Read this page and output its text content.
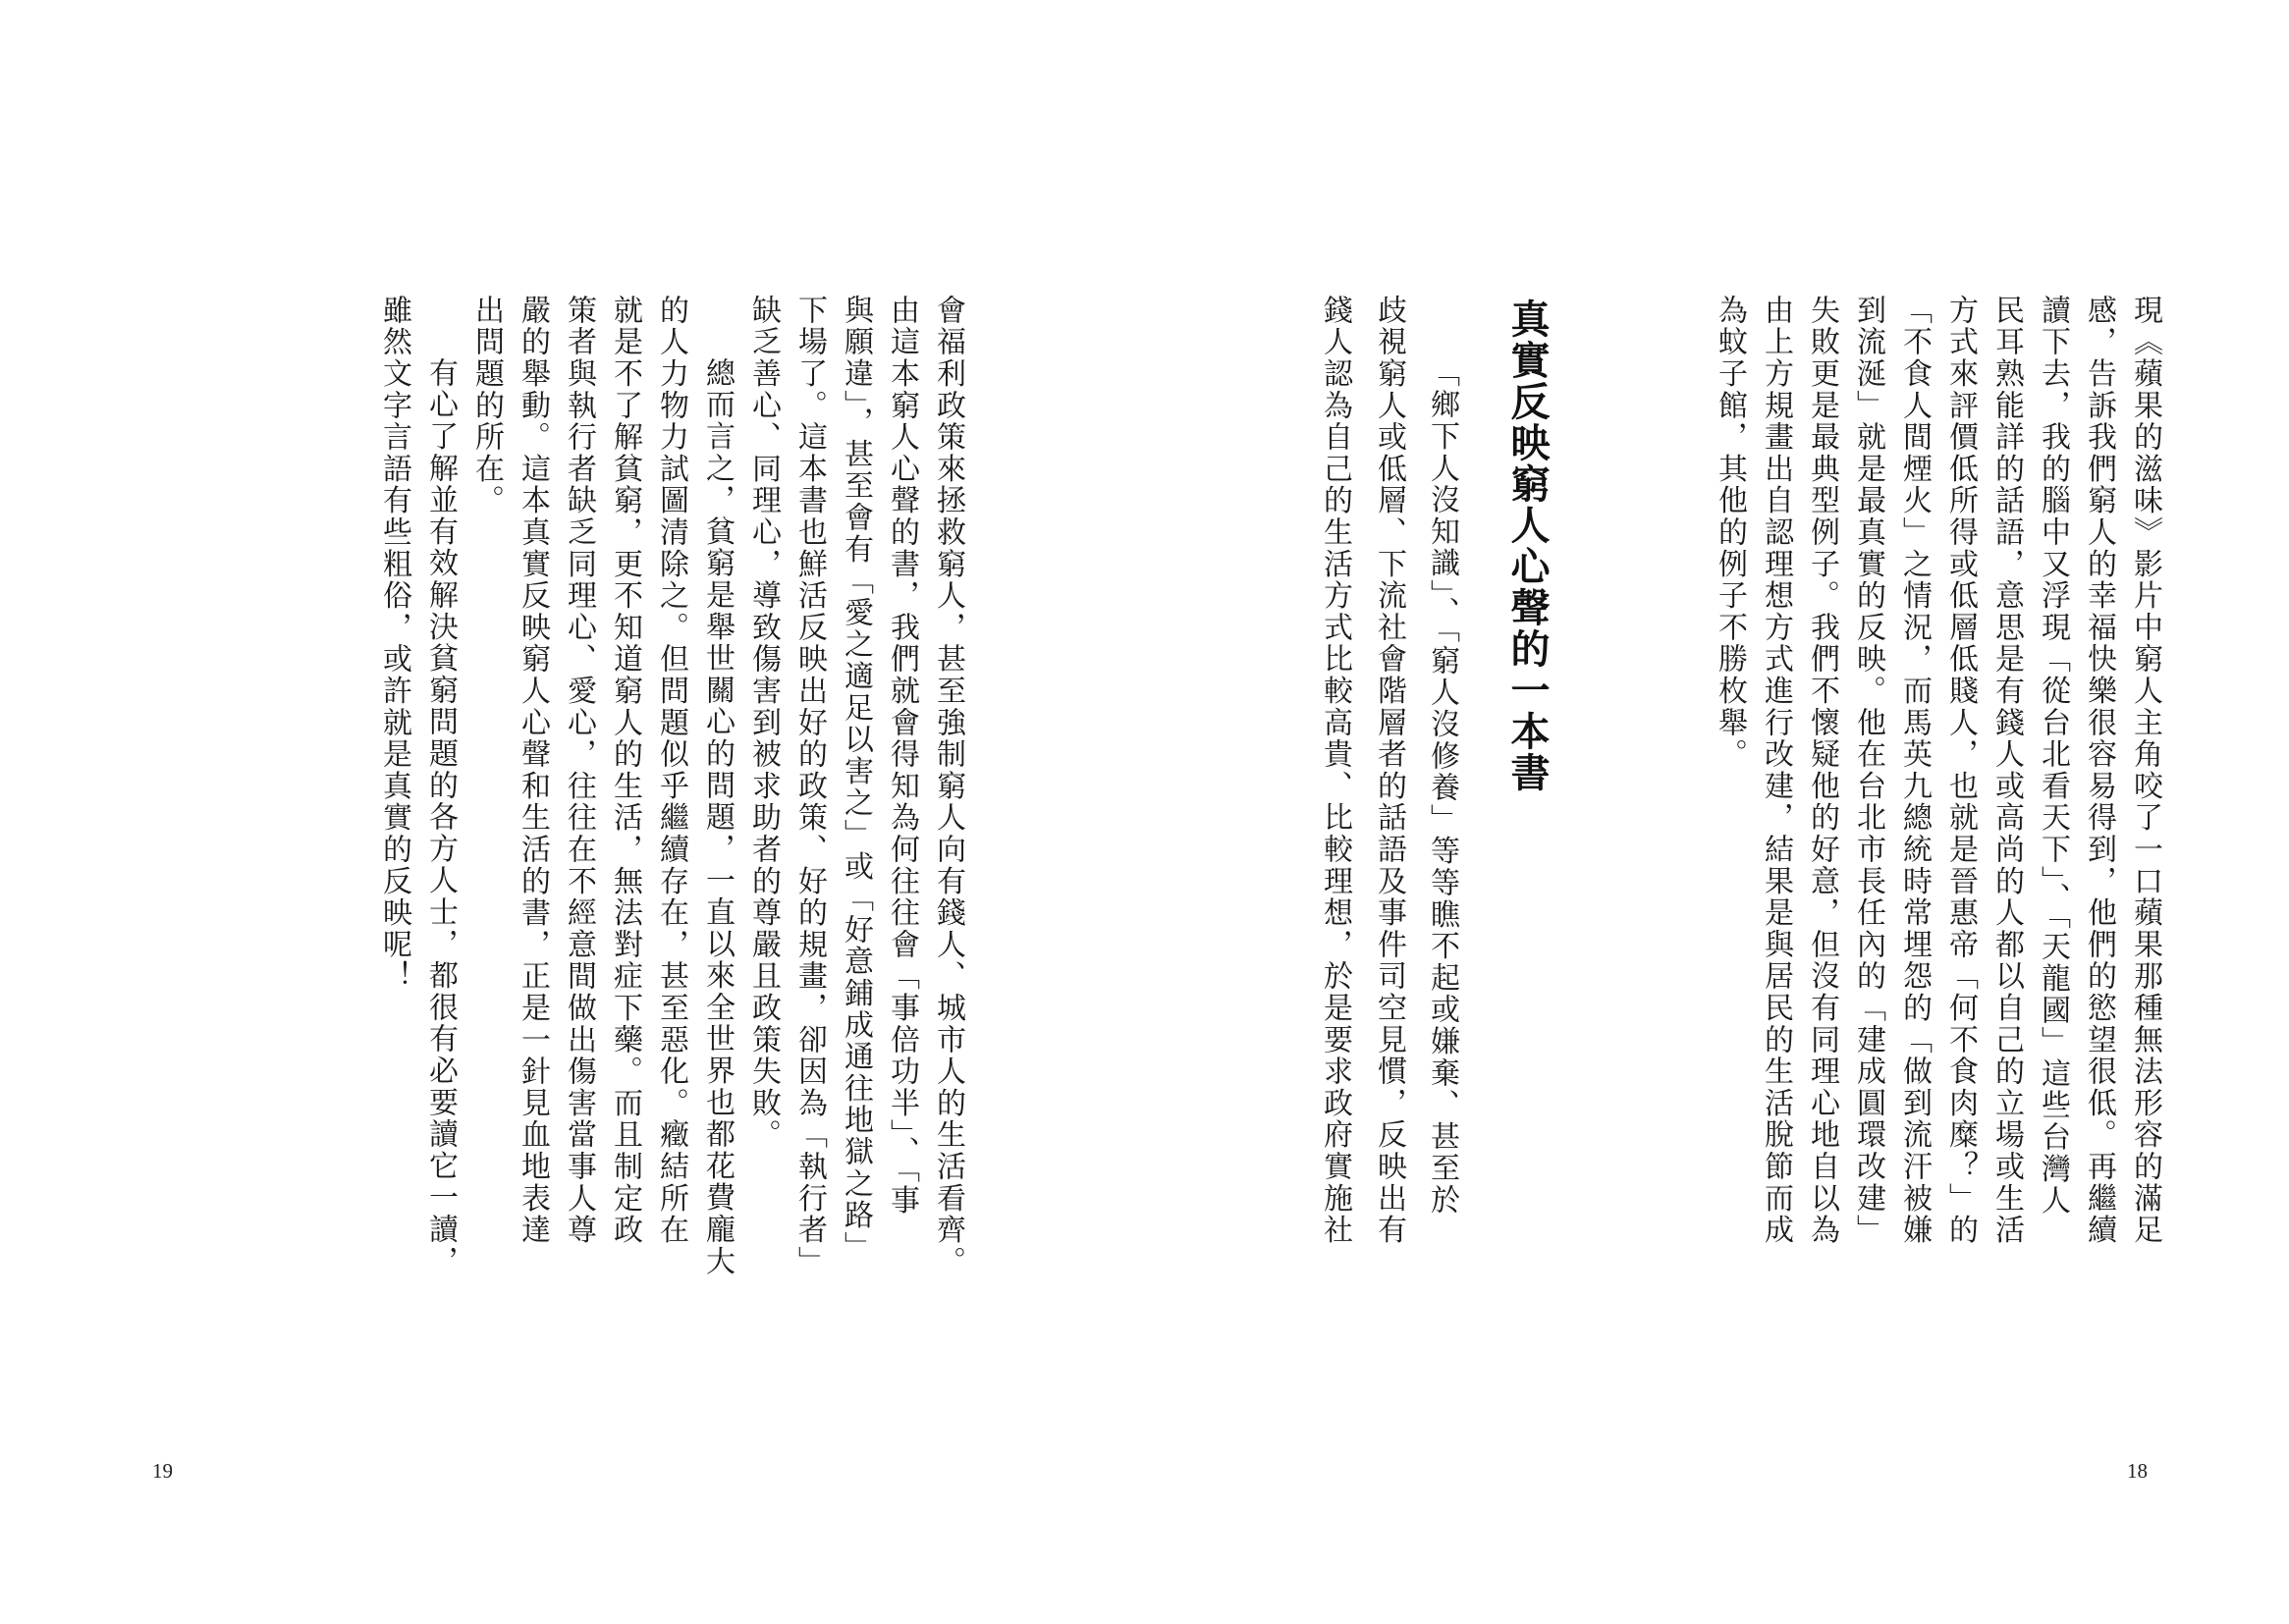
現《蘋果的滋味》影片中窮人主角咬了一口蘋果那種無法形容的滿足
感，告訴我們窮人的幸福快樂很容易得到，他們的慾望很低。再繼續
讀下去，我的腦中又浮現「從台北看天下」、「天龍國」這些台灣人
民耳熟能詳的話語，意思是有錢人或高尚的人都以自己的立場或生活
方式來評價低所得或低層低賤人，也就是晉惠帝「何不食肉糜？」的
「不食人間煙火」之情況，而馬英九總統時常埋怨的「做到流汗被嫌
到流涎」就是最真實的反映。他在台北市長任內的「建成圓環改建」
失敗更是最典型例子。我們不懷疑他的好意，但沒有同理心地自以為
由上方規畫出自認理想方式進行改建，結果是與居民的生活脫節而成
為蚊子館，其他的例子不勝枚舉。
真實反映窮人心聲的一本書
「鄉下人沒知識」、「窮人沒修養」等等瞧不起或嫌棄、甚至於
歧視窮人或低層、下流社會階層者的話語及事件司空見慣，反映出有
錢人認為自己的生活方式比較高貴、比較理想，於是要求政府實施社
18
會福利政策來拯救窮人，甚至強制窮人向有錢人、城市人的生活看齊。
由這本窮人心聲的書，我們就會得知為何往往會「事倍功半」、「事
與願違」，甚至會有「愛之適足以害之」或「好意鋪成通往地獄之路」
下場了。這本書也鮮活反映出好的政策、好的規畫，卻因為「執行者」
缺乏善心、同理心，導致傷害到被求助者的尊嚴且政策失敗。
總而言之，貧窮是舉世關心的問題，一直以來全世界也都花費龐大
的人力物力試圖清除之。但問題似乎繼續存在，甚至惡化。癥結所在
就是不了解貧窮，更不知道窮人的生活，無法對症下藥。而且制定政
策者與執行者缺乏同理心、愛心，往往在不經意間做出傷害當事人尊
嚴的舉動。這本真實反映窮人心聲和生活的書，正是一針見血地表達
出問題的所在。
有心了解並有效解決貧窮問題的各方人士，都很有必要讀它一讀，
雖然文字言語有些粗俗，或許就是真實的反映呢！
19
